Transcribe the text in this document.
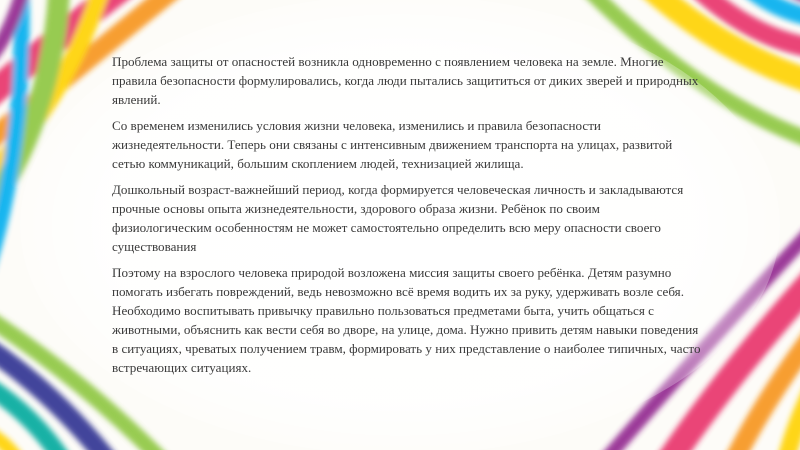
Проблема защиты от опасностей возникла одновременно с появлением человека на земле. Многие правила безопасности формулировались, когда люди пытались защититься от диких зверей и природных явлений.

Со временем изменились условия жизни человека, изменились и правила безопасности жизнедеятельности. Теперь они связаны с интенсивным движением транспорта на улицах, развитой сетью коммуникаций, большим скоплением людей, технизацией жилища.

Дошкольный возраст-важнейший период, когда формируется человеческая личность и закладываются прочные основы опыта жизнедеятельности, здорового образа жизни. Ребёнок по своим физиологическим особенностям не может самостоятельно определить всю меру опасности своего существования

Поэтому на взрослого человека природой возложена миссия защиты своего ребёнка. Детям разумно помогать избегать повреждений, ведь невозможно всё время водить их за руку, удерживать возле себя. Необходимо воспитывать привычку правильно пользоваться предметами быта, учить общаться с животными, объяснить как вести себя во дворе, на улице, дома. Нужно привить детям навыки поведения в ситуациях, чреватых получением травм, формировать у них представление о наиболее типичных, часто встречающих ситуациях.
